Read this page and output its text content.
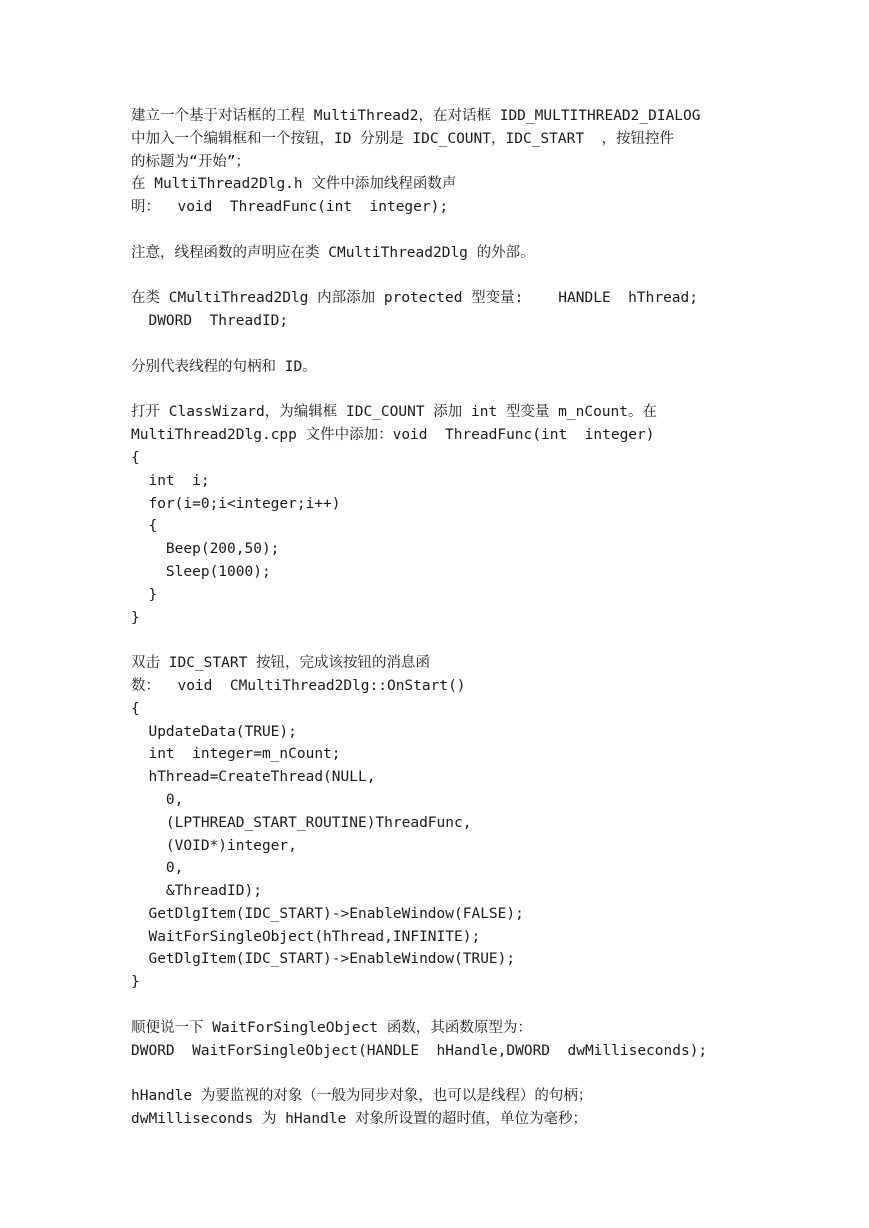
建立一个基于对话框的工程 MultiThread2，在对话框 IDD_MULTITHREAD2_DIALOG
中加入一个编辑框和一个按钮，ID 分别是 IDC_COUNT，IDC_START  ，按钮控件
的标题为“开始”；
在 MultiThread2Dlg.h 文件中添加线程函数声
明：  void  ThreadFunc(int  integer);
注意，线程函数的声明应在类 CMultiThread2Dlg 的外部。
在类 CMultiThread2Dlg 内部添加 protected 型变量:    HANDLE  hThread;
DWORD  ThreadID;
分别代表线程的句柄和 ID。
打开 ClassWizard，为编辑框 IDC_COUNT 添加 int 型变量 m_nCount。在
MultiThread2Dlg.cpp 文件中添加：void  ThreadFunc(int  integer)
{
int  i;
for(i=0;i<integer;i++)
{
Beep(200,50);
Sleep(1000);
}
}
双击 IDC_START 按钮，完成该按钮的消息函
数：  void  CMultiThread2Dlg::OnStart()
{
UpdateData(TRUE);
int  integer=m_nCount;
hThread=CreateThread(NULL,
0,
(LPTHREAD_START_ROUTINE)ThreadFunc,
(VOID*)integer,
0,
&ThreadID);
GetDlgItem(IDC_START)->EnableWindow(FALSE);
WaitForSingleObject(hThread,INFINITE);
GetDlgItem(IDC_START)->EnableWindow(TRUE);
}
顺便说一下 WaitForSingleObject 函数，其函数原型为：
DWORD  WaitForSingleObject(HANDLE  hHandle,DWORD  dwMilliseconds);
hHandle 为要监视的对象（一般为同步对象，也可以是线程）的句柄；
dwMilliseconds 为 hHandle 对象所设置的超时值，单位为毫秒；
